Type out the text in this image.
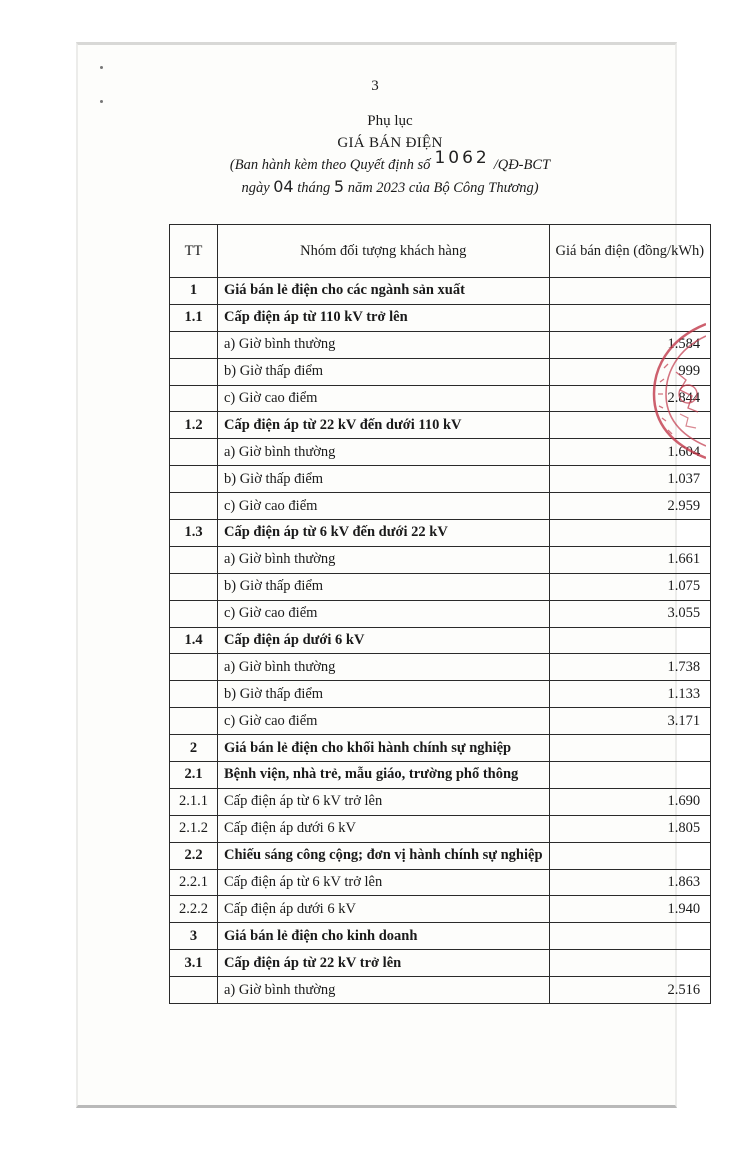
3
Phụ lục
GIÁ BÁN ĐIỆN
(Ban hành kèm theo Quyết định số 1062 /QĐ-BCT
ngày 04 tháng 5 năm 2023 của Bộ Công Thương)
TT	Nhóm đối tượng khách hàng	Giá bán điện (đồng/kWh)
1	Giá bán lẻ điện cho các ngành sản xuất	
1.1	Cấp điện áp từ 110 kV trở lên	
	a) Giờ bình thường	1.584
	b) Giờ thấp điểm	999
	c) Giờ cao điểm	2.844
1.2	Cấp điện áp từ 22 kV đến dưới 110 kV	
	a) Giờ bình thường	1.604
	b) Giờ thấp điểm	1.037
	c) Giờ cao điểm	2.959
1.3	Cấp điện áp từ 6 kV đến dưới 22 kV	
	a) Giờ bình thường	1.661
	b) Giờ thấp điểm	1.075
	c) Giờ cao điểm	3.055
1.4	Cấp điện áp dưới 6 kV	
	a) Giờ bình thường	1.738
	b) Giờ thấp điểm	1.133
	c) Giờ cao điểm	3.171
2	Giá bán lẻ điện cho khối hành chính sự nghiệp	
2.1	Bệnh viện, nhà trẻ, mẫu giáo, trường phổ thông	
2.1.1	Cấp điện áp từ 6 kV trở lên	1.690
2.1.2	Cấp điện áp dưới 6 kV	1.805
2.2	Chiếu sáng công cộng; đơn vị hành chính sự nghiệp	
2.2.1	Cấp điện áp từ 6 kV trở lên	1.863
2.2.2	Cấp điện áp dưới 6 kV	1.940
3	Giá bán lẻ điện cho kinh doanh	
3.1	Cấp điện áp từ 22 kV trở lên	
	a) Giờ bình thường	2.516
